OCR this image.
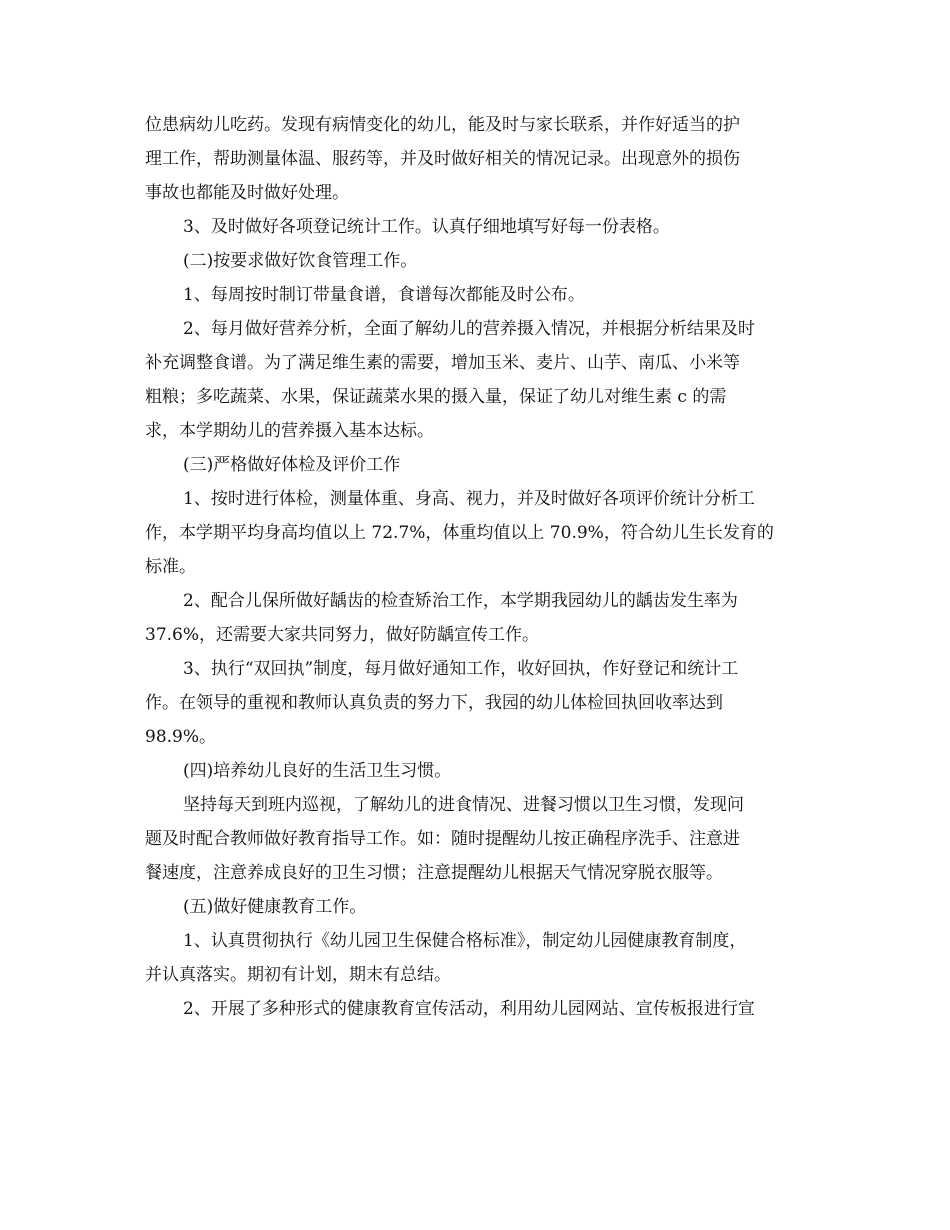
位患病幼儿吃药。发现有病情变化的幼儿，能及时与家长联系，并作好适当的护
理工作，帮助测量体温、服药等，并及时做好相关的情况记录。出现意外的损伤
事故也都能及时做好处理。
3、及时做好各项登记统计工作。认真仔细地填写好每一份表格。
(二)按要求做好饮食管理工作。
1、每周按时制订带量食谱，食谱每次都能及时公布。
2、每月做好营养分析，全面了解幼儿的营养摄入情况，并根据分析结果及时
补充调整食谱。为了满足维生素的需要，增加玉米、麦片、山芋、南瓜、小米等
粗粮；多吃蔬菜、水果，保证蔬菜水果的摄入量，保证了幼儿对维生素 c 的需
求，本学期幼儿的营养摄入基本达标。
(三)严格做好体检及评价工作
1、按时进行体检，测量体重、身高、视力，并及时做好各项评价统计分析工
作，本学期平均身高均值以上 72.7%，体重均值以上 70.9%，符合幼儿生长发育的
标准。
2、配合儿保所做好龋齿的检查矫治工作，本学期我园幼儿的龋齿发生率为
37.6%，还需要大家共同努力，做好防龋宣传工作。
3、执行“双回执”制度，每月做好通知工作，收好回执，作好登记和统计工
作。在领导的重视和教师认真负责的努力下，我园的幼儿体检回执回收率达到
98.9%。
(四)培养幼儿良好的生活卫生习惯。
坚持每天到班内巡视，了解幼儿的进食情况、进餐习惯以卫生习惯，发现问
题及时配合教师做好教育指导工作。如：随时提醒幼儿按正确程序洗手、注意进
餐速度，注意养成良好的卫生习惯；注意提醒幼儿根据天气情况穿脱衣服等。
(五)做好健康教育工作。
1、认真贯彻执行《幼儿园卫生保健合格标准》，制定幼儿园健康教育制度，
并认真落实。期初有计划，期末有总结。
2、开展了多种形式的健康教育宣传活动，利用幼儿园网站、宣传板报进行宣
